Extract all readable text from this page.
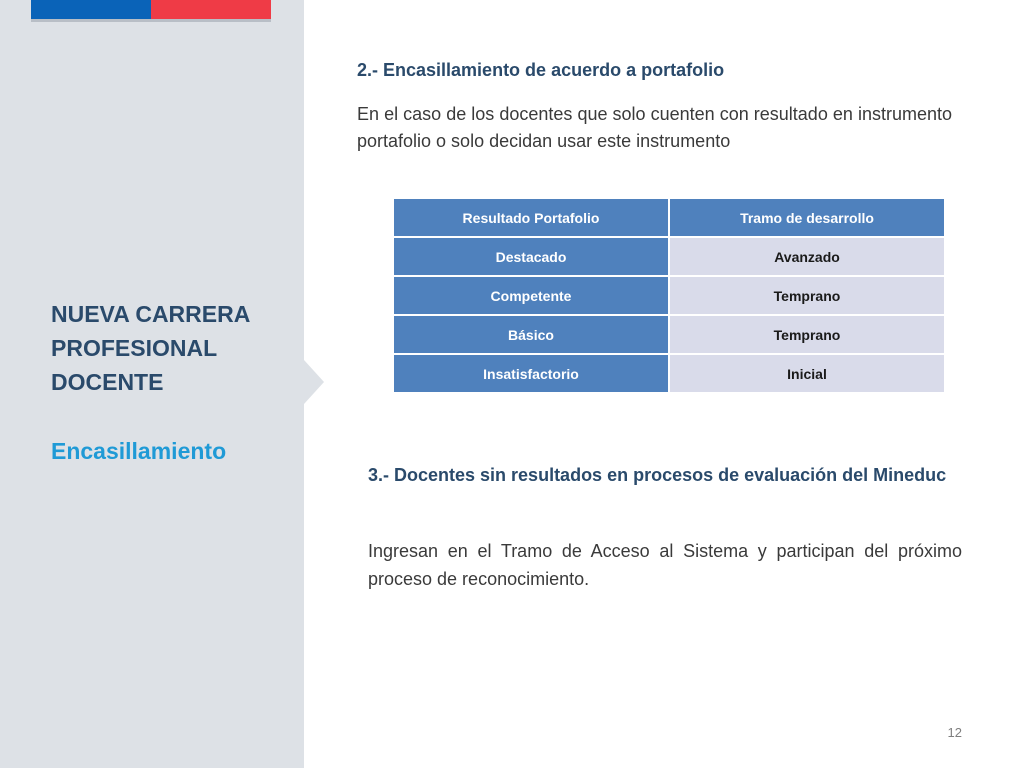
NUEVA CARRERA
PROFESIONAL
DOCENTE
Encasillamiento
2.- Encasillamiento de acuerdo a portafolio
En el caso de los docentes que solo cuenten con resultado en instrumento portafolio o solo decidan usar este instrumento
Resultado Portafolio	Tramo de desarrollo
Destacado	Avanzado
Competente	Temprano
Básico	Temprano
Insatisfactorio	Inicial
3.- Docentes sin resultados en procesos de evaluación del Mineduc
Ingresan en el Tramo de Acceso al Sistema y participan del próximo proceso de reconocimiento.
12
